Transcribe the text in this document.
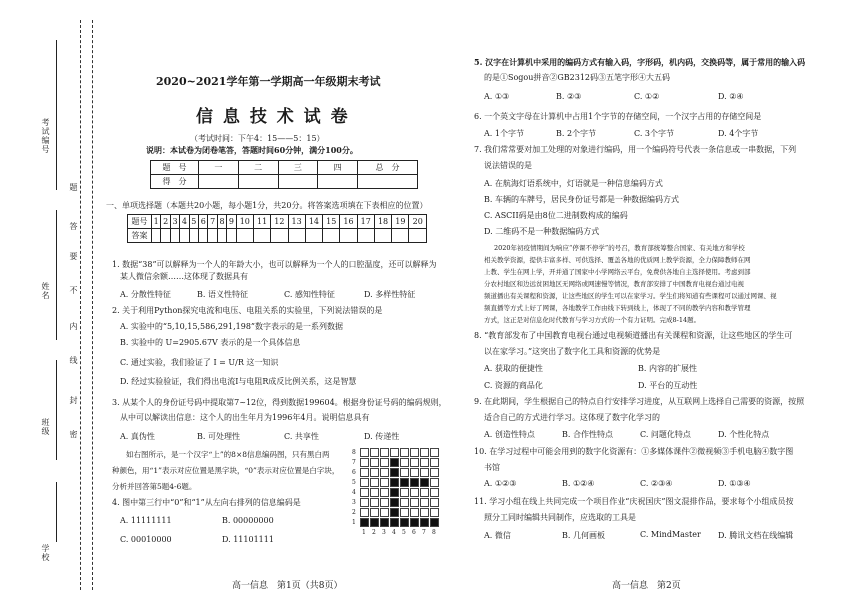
考试编号
姓名
班级
学校
题
答
要
不
内
线
封
密
2020~2021学年第一学期高一年级期末考试
信 息 技 术 试 卷
（考试时间：下午4：15——5：15）
说明：本试卷为闭卷笔答，答题时间60分钟，满分100分。
题　号	一	二	三	四	总　分
得　分					
一、单项选择题（本题共20小题，每小题1分，共20分。将答案选项填在下表相应的位置）
题号	1	2	3	4	5	6	7	8	9	10	11	12	13	14	15	16	17	18	19	20
答案																				
1. 数据“38”可以解释为一个人的年龄大小，也可以解释为一个人的口腔温度，还可以解释为
某人微信余额……这体现了数据具有
A. 分散性特征	B. 语义性特征	C. 感知性特征	D. 多样性特征
2. 关于利用Python探究电流和电压、电阻关系的实验里，下列说法错误的是
A. 实验中的“5,10,15,586,291,198”数字表示的是一系列数据
B. 实验中的 U=2905.67V 表示的是一个具体信息
C. 通过实验，我们验证了 I = U/R 这一知识
D. 经过实验验证，我们得出电流I与电阻R成反比例关系，这是智慧
3. 从某个人的身份证号码中提取第7~12位，得到数据199604。根据身份证号码的编码规则，
从中可以解读出信息：这个人的出生年月为1996年4月。说明信息具有
A. 真伪性	B. 可处理性	C. 共享性	D. 传递性
如右图所示，是一个汉字“上”的8×8信息编码图，只有黑白两
种颜色，用“1”表示对应位置是黑字块，“0”表示对应位置是白字块，
分析并回答第5题4-6题。
4. 图中第三行中“0”和“1”从左向右排列的信息编码是
A. 11111111	B. 00000000
C. 00010000	D. 11101111
8
7
6
5
4
3
2
1
1 2 3 4 5 6 7 8
5. 汉字在计算机中采用的编码方式有输入码，字形码，机内码，交换码等，属于常用的输入码
的是①Sogou拼音②GB2312码③五笔字形④大五码
A. ①③	B. ②③	C. ①②	D. ②④
6. 一个英文字母在计算机中占用1个字节的存储空间，一个汉字占用的存储空间是
A. 1个字节	B. 2个字节	C. 3个字节	D. 4个字节
7. 我们常常要对加工处理的对象进行编码，用一个编码符号代表一条信息或一串数据，下列
说法错误的是
A. 在航海灯语系统中，灯语就是一种信息编码方式
B. 车辆的车牌号，居民身份证号都是一种数据编码方式
C. ASCII码是由8位二进制数构成的编码
D. 二维码不是一种数据编码方式
2020年初疫情期间为响应“停课不停学”的号召，教育部统筹整合国家、有关地方和学校
相关教学资源，提供丰富多样、可供选择、覆盖各地的优质网上教学资源，全力保障教师在网
上教、学生在网上学，开并通了国家中小学网络云平台，免费供各地自主选择使用。考虑到部
分农村地区和边远贫困地区无网络或网速慢等情况，教育部安排了中国教育电视台通过电视
频道播出有关课程和资源，让这些地区的学生可以在家学习。学生们将知道有些课程可以通过网课、视
频直播等方式上好了网课，各地教学工作由线下转到线上，体现了不同的教学内容和教学管理
方式，这正是对信息化时代教育与学习方式的一个有力证明。完成8-14题。
8. “教育部发布了中国教育电视台通过电视频道播出有关课程和资源，让这些地区的学生可
以在家学习。”这突出了数字化工具和资源的优势是
A. 获取的便捷性	B. 内容的扩展性
C. 资源的商品化	D. 平台的互动性
9. 在此期间，学生根据自己的特点自行安排学习进度，从互联网上选择自己需要的资源，按照
适合自己的方式进行学习。这体现了数字化学习的
A. 创造性特点	B. 合作性特点	C. 问题化特点	D. 个性化特点
10. 在学习过程中可能会用到的数字化资源有：①多媒体课件②微视频③手机电脑④数字图
书馆
A. ①②③	B. ①②④	C. ②③④	D. ①③④
11. 学习小组在线上共同完成一个项目作业“庆祝国庆”图文混排作品，要求每个小组成员按
照分工同时编辑共同制作，应选取的工具是
A. 微信	B. 几何画板	C. MindMaster D. 腾讯文档在线编辑
高一信息　第1页（共8页）	高一信息　第2页
